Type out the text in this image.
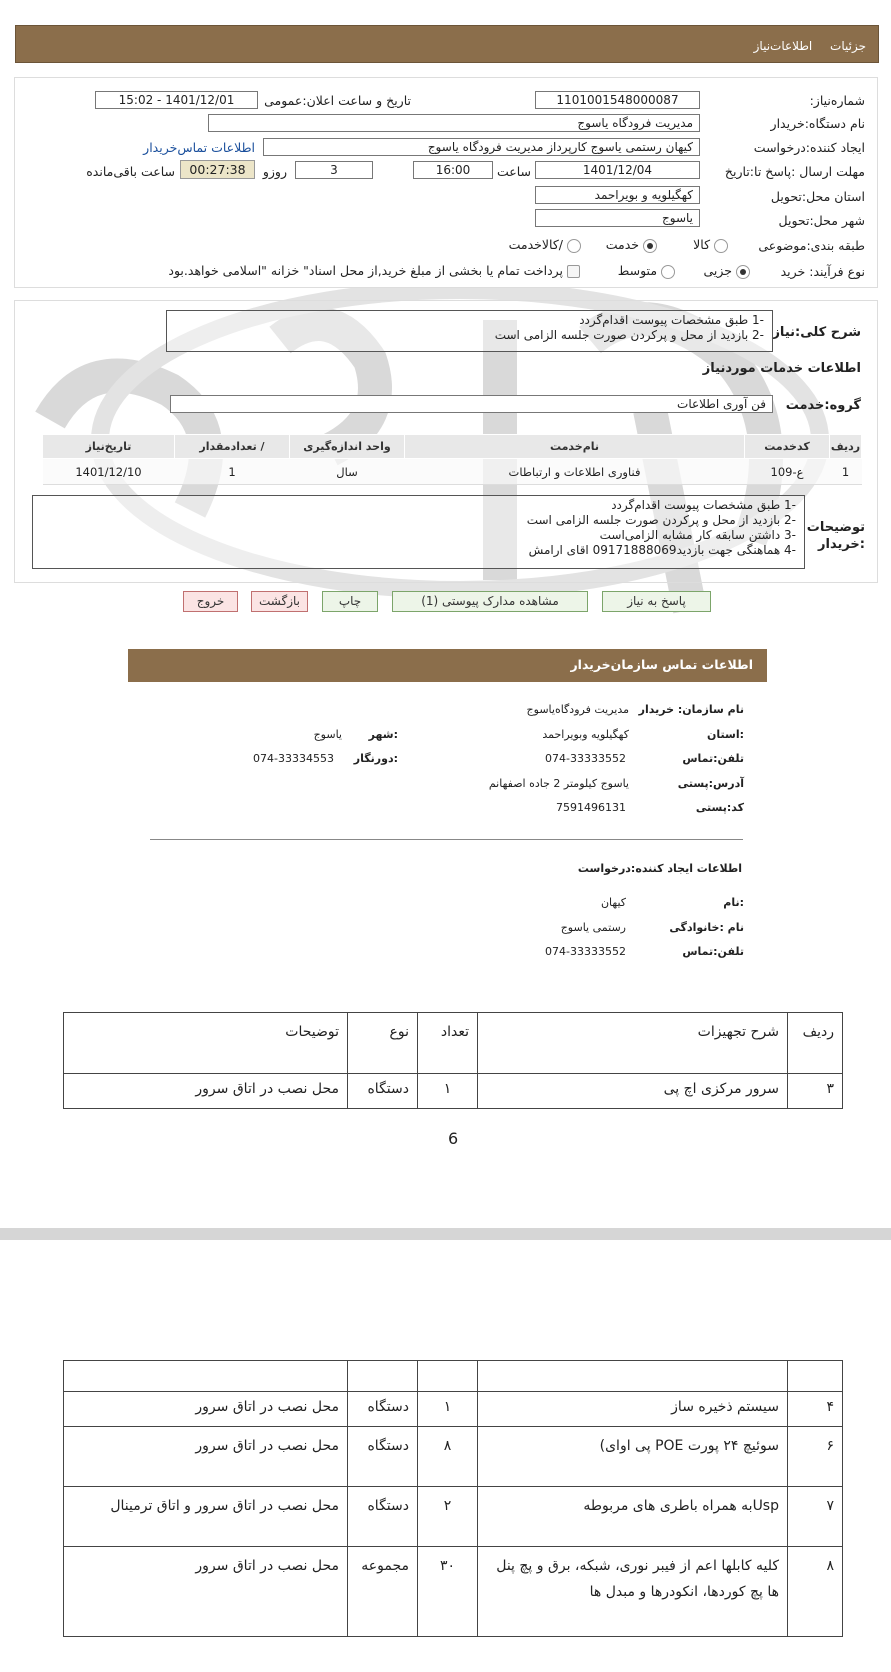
جزئیات اطلاعات‌نیاز
شماره‌نیاز:
1101001548000087
تاریخ و ساعت اعلان:عمومی
1401/12/01 - 15:02
نام دستگاه:خریدار
مدیریت فرودگاه یاسوج
ایجاد کننده:درخواست
کیهان رستمی یاسوج کارپرداز مدیریت فرودگاه یاسوج
اطلاعات تماس‌خریدار
مهلت ارسال :پاسخ تا:تاریخ
1401/12/04
ساعت
16:00
3
روزو
00:27:38
ساعت باقی‌مانده
استان محل:تحویل
کهگیلویه و بویراحمد
شهر محل:تحویل
یاسوج
طبقه بندی:موضوعی
کالا
خدمت
/کالاخدمت
نوع فرآیند: خرید
جزیی
متوسط
پرداخت تمام یا بخشی از مبلغ خرید,از محل اسناد" خزانه "اسلامی خواهد.بود
شرح کلی:نیاز
-1 طبق مشخصات پیوست اقدام‌گردد
-2 بازدید از محل و پرکردن صورت جلسه الزامی است
اطلاعات خدمات موردنیاز
گروه:خدمت
فن آوری اطلاعات
ردیف	کدخدمت	نام‌خدمت	واحد اندازه‌گیری	/ تعدادمقدار	تاریخ‌نیاز
1	ع-109	فناوری اطلاعات و ارتباطات	سال	1	1401/12/10
توضیحات :خریدار
-1 طبق مشخصات پیوست اقدام‌گردد
-2 بازدید از محل و پرکردن صورت جلسه الزامی است
-3 داشتن سابقه کار مشابه الزامی‌است
-4 هماهنگی جهت بازدید09171888069 اقای ارامش
پاسخ به نیاز
مشاهده مدارک پیوستی (1)
چاپ
بازگشت
خروج
اطلاعات تماس سازمان‌خریدار
نام سازمان: خریدار
مدیریت فرودگاه‌یاسوج
:استان
کهگیلویه وبویراحمد
:شهر
یاسوج
تلفن:تماس
074-33333552
:دورنگار
074-33334553
آدرس:پستی
یاسوج کیلومتر 2 جاده اصفهانم
کد:پستی
7591496131
اطلاعات ایجاد کننده:درخواست
:نام
کیهان
نام :خانوادگی
رستمی یاسوج
تلفن:تماس
074-33333552
ردیف	شرح تجهیزات	تعداد	نوع	توضیحات
۳	سرور مرکزی اچ پی	۱	دستگاه	محل نصب در اتاق سرور
6

۴	سیستم ذخیره ساز	۱	دستگاه	محل نصب در اتاق سرور
۶	سوئیچ ۲۴ پورت POE پی اوای)	۸	دستگاه	محل نصب در اتاق سرور
۷	Uspبه همراه باطری های مربوطه	۲	دستگاه	محل نصب در اتاق سرور و اتاق ترمینال
۸	کلیه کابلها اعم از فیبر نوری، شبکه، برق و پچ پنل ها پچ کوردها، انکودرها و مبدل ها	۳۰	مجموعه	محل نصب در اتاق سرور
